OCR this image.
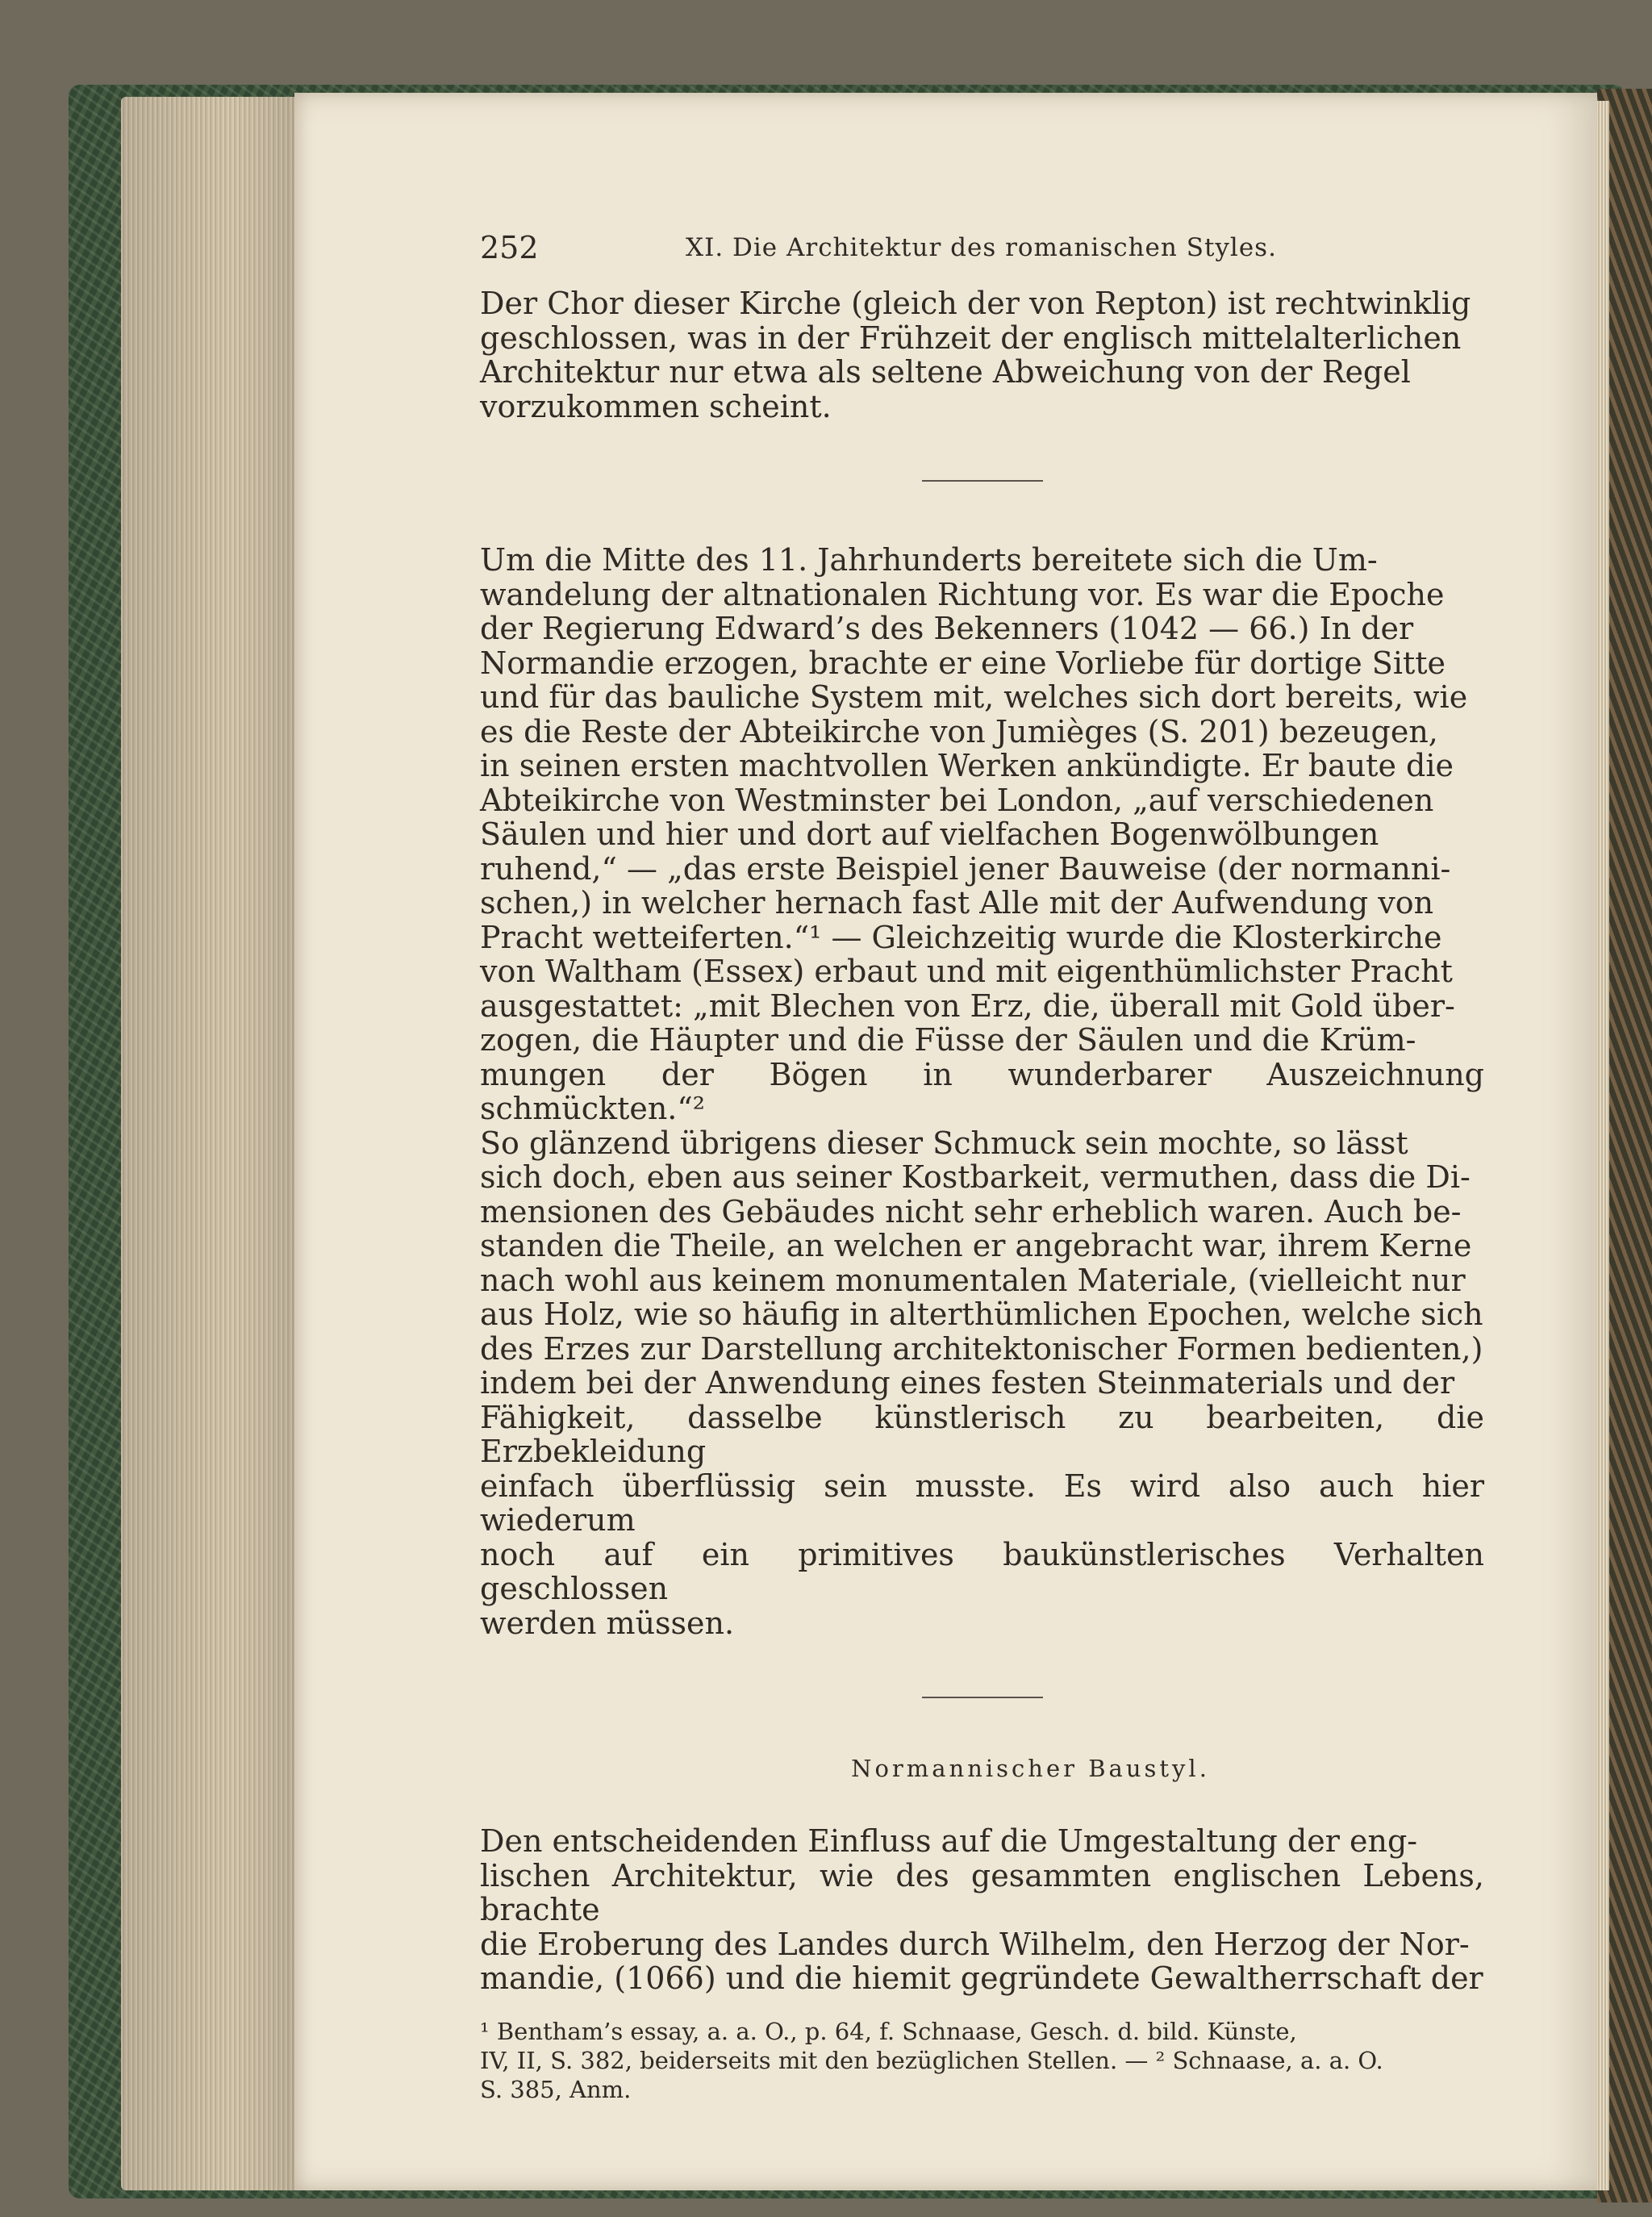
252	XI. Die Architektur des romanischen Styles.

Der Chor dieser Kirche (gleich der von Repton) ist rechtwinklig
geschlossen, was in der Frühzeit der englisch mittelalterlichen
Architektur nur etwa als seltene Abweichung von der Regel
vorzukommen scheint.

Um die Mitte des 11. Jahrhunderts bereitete sich die Um-
wandelung der altnationalen Richtung vor. Es war die Epoche
der Regierung Edward’s des Bekenners (1042 — 66.) In der
Normandie erzogen, brachte er eine Vorliebe für dortige Sitte
und für das bauliche System mit, welches sich dort bereits, wie
es die Reste der Abteikirche von Jumièges (S. 201) bezeugen,
in seinen ersten machtvollen Werken ankündigte. Er baute die
Abteikirche von Westminster bei London, „auf verschiedenen
Säulen und hier und dort auf vielfachen Bogenwölbungen
ruhend,“ — „das erste Beispiel jener Bauweise (der normanni-
schen,) in welcher hernach fast Alle mit der Aufwendung von
Pracht wetteiferten.“¹ — Gleichzeitig wurde die Klosterkirche
von Waltham (Essex) erbaut und mit eigenthümlichster Pracht
ausgestattet: „mit Blechen von Erz, die, überall mit Gold über-
zogen, die Häupter und die Füsse der Säulen und die Krüm-
mungen der Bögen in wunderbarer Auszeichnung schmückten.“²
So glänzend übrigens dieser Schmuck sein mochte, so lässt
sich doch, eben aus seiner Kostbarkeit, vermuthen, dass die Di-
mensionen des Gebäudes nicht sehr erheblich waren. Auch be-
standen die Theile, an welchen er angebracht war, ihrem Kerne
nach wohl aus keinem monumentalen Materiale, (vielleicht nur
aus Holz, wie so häufig in alterthümlichen Epochen, welche sich
des Erzes zur Darstellung architektonischer Formen bedienten,)
indem bei der Anwendung eines festen Steinmaterials und der
Fähigkeit, dasselbe künstlerisch zu bearbeiten, die Erzbekleidung
einfach überflüssig sein musste. Es wird also auch hier wiederum
noch auf ein primitives baukünstlerisches Verhalten geschlossen
werden müssen.

Normannischer Baustyl.

Den entscheidenden Einfluss auf die Umgestaltung der eng-
lischen Architektur, wie des gesammten englischen Lebens, brachte
die Eroberung des Landes durch Wilhelm, den Herzog der Nor-
mandie, (1066) und die hiemit gegründete Gewaltherrschaft der

¹ Bentham’s essay, a. a. O., p. 64, f. Schnaase, Gesch. d. bild. Künste,
IV, II, S. 382, beiderseits mit den bezüglichen Stellen. — ² Schnaase, a. a. O.
S. 385, Anm.
